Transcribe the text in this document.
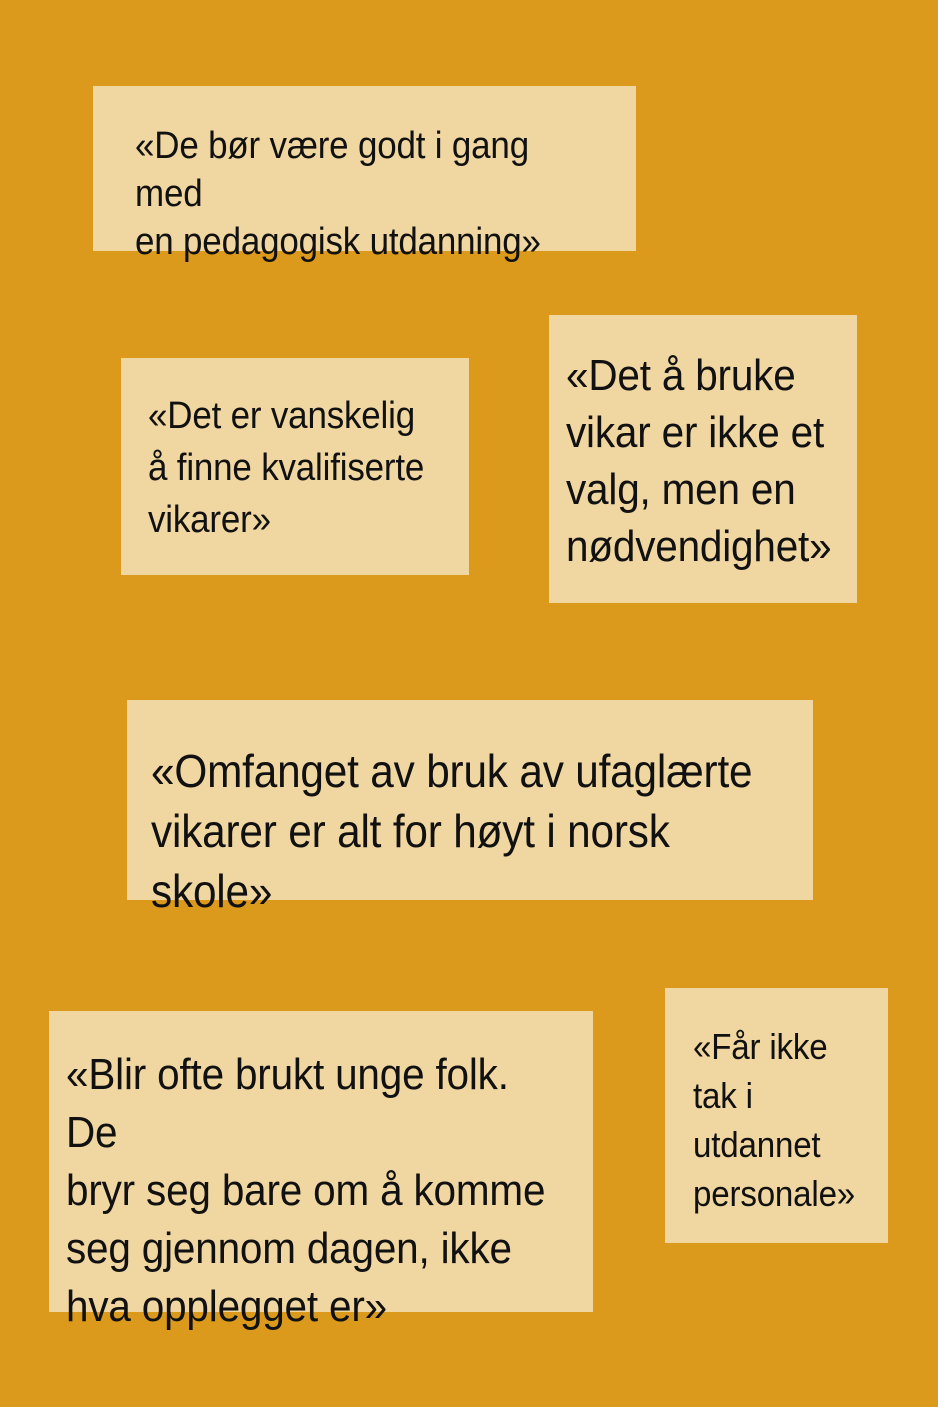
«De bør være godt i gang med
en pedagogisk utdanning»

«Det er vanskelig
å finne kvalifiserte
vikarer»

«Det å bruke
vikar er ikke et
valg, men en
nødvendighet»

«Omfanget av bruk av ufaglærte
vikarer er alt for høyt i norsk skole»

«Blir ofte brukt unge folk. De
bryr seg bare om å komme
seg gjennom dagen, ikke
hva opplegget er»

«Får ikke
tak i
utdannet
personale»
